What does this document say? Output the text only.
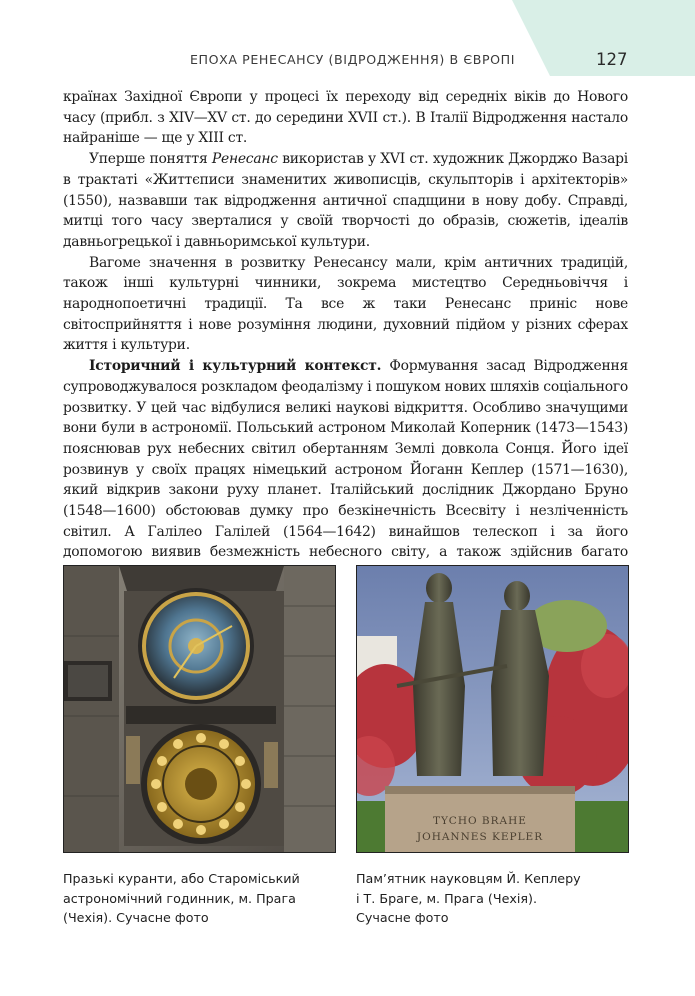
ЕПОХА РЕНЕСАНСУ (ВІДРОДЖЕННЯ) В ЄВРОПІ	127

країнах Західної Європи у процесі їх переходу від середніх віків до Нового часу (прибл. з XIV—XV ст. до середини XVII ст.). В Італії Відродження настало найраніше — ще у XIII ст.

Уперше поняття Ренесанс використав у XVI ст. художник Джорджо Вазарі в трактаті «Життєписи знаменитих живописців, скульпторів і архітекторів» (1550), назвавши так відродження античної спадщини в нову добу. Справді, митці того часу зверталися у своїй творчості до образів, сюжетів, ідеалів давньогрецької і давньоримської культури.

Вагоме значення в розвитку Ренесансу мали, крім античних традицій, також інші культурні чинники, зокрема мистецтво Середньовіччя і народнопоетичні традиції. Та все ж таки Ренесанс приніс нове світосприйняття і нове розуміння людини, духовний підйом у різних сферах життя і культури.

Історичний і культурний контекст. Формування засад Відродження супроводжувалося розкладом феодалізму і пошуком нових шляхів соціального розвитку. У цей час відбулися великі наукові відкриття. Особливо значущими вони були в астрономії. Польський астроном Миколай Коперник (1473—1543) пояснював рух небесних світил обертанням Землі довкола Сонця. Його ідеї розвинув у своїх працях німецький астроном Йоганн Кеплер (1571—1630), який відкрив закони руху планет. Італійський дослідник Джордано Бруно (1548—1600) обстоював думку про безкінечність Всесвіту і незліченність світил. А Галілео Галілей (1564—1642) винайшов телескоп і за його допомогою виявив безмежність небесного світу, а також здійснив багато

TYCHO BRAHE
JOHANNES KEPLER
Празькі куранти, або Староміський
астрономічний годинник, м. Прага
(Чехія). Сучасне фото
Пам’ятник науковцям Й. Кеплеру
і Т. Браге, м. Прага (Чехія).
Сучасне фото
